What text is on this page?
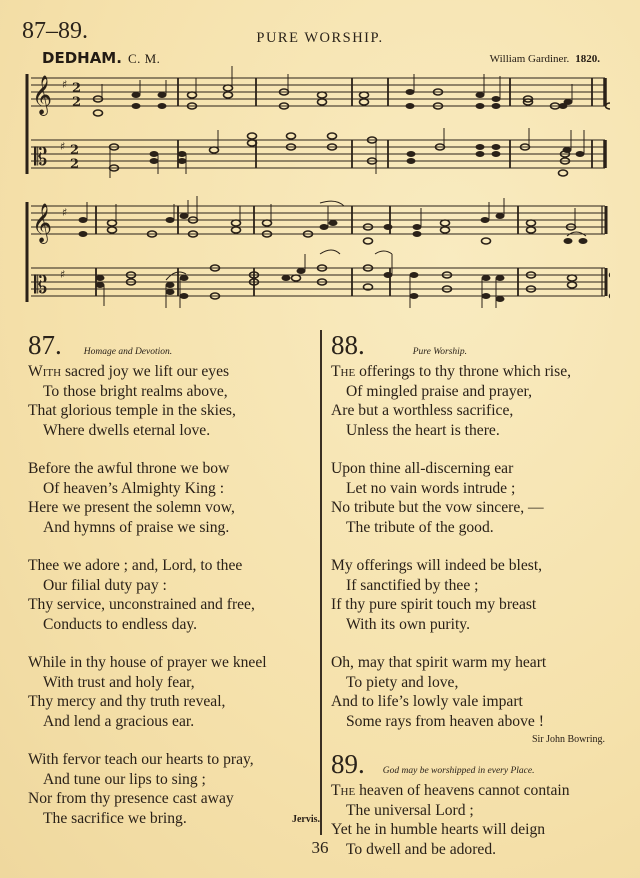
87–89.	PURE WORSHIP.
DEDHAM. C. M.	William Gardiner. 1820.
𝄞
𝄡
♯
♯
2
2
2
2
𝄞
𝄡
♯
♯
87. Homage and Devotion.
With sacred joy we lift our eyes
To those bright realms above,
That glorious temple in the skies,
Where dwells eternal love.
Before the awful throne we bow
Of heaven’s Almighty King :
Here we present the solemn vow,
And hymns of praise we sing.
Thee we adore ; and, Lord, to thee
Our filial duty pay :
Thy service, unconstrained and free,
Conducts to endless day.
While in thy house of prayer we kneel
With trust and holy fear,
Thy mercy and thy truth reveal,
And lend a gracious ear.
With fervor teach our hearts to pray,
And tune our lips to sing ;
Nor from thy presence cast away
The sacrifice we bring.	Jervis.
88.	Pure Worship.
The offerings to thy throne which rise,
Of mingled praise and prayer,
Are but a worthless sacrifice,
Unless the heart is there.
Upon thine all-discerning ear
Let no vain words intrude ;
No tribute but the vow sincere, —
The tribute of the good.
My offerings will indeed be blest,
If sanctified by thee ;
If thy pure spirit touch my breast
With its own purity.
Oh, may that spirit warm my heart
To piety and love,
And to life’s lowly vale impart
Some rays from heaven above !
Sir John Bowring.
89. God may be worshipped in every Place.
The heaven of heavens cannot contain
The universal Lord ;
Yet he in humble hearts will deign
To dwell and be adored.
36
